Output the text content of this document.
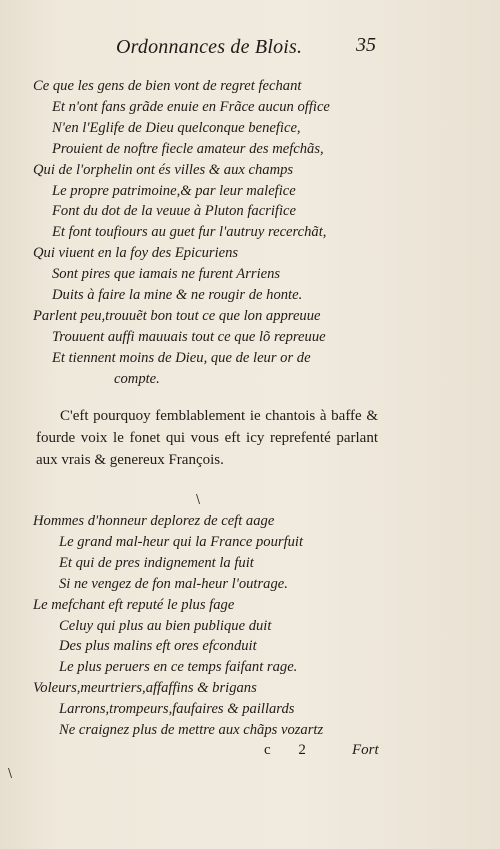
Ordonnances de Blois.	35
Ce que les gens de bien vont de regret fechant
Et n'ont fans grãde enuie en Frãce aucun office
N'en l'Eglife de Dieu quelconque benefice,
Prouient de noftre fiecle amateur des mefchãs,
Qui de l'orphelin ont és villes & aux champs
Le propre patrimoine,& par leur malefice
Font du dot de la veuue à Pluton facrifice
Et font toufiours au guet fur l'autruy recerchãt,
Qui viuent en la foy des Epicuriens
Sont pires que iamais ne furent Arriens
Duits à faire la mine & ne rougir de honte.
Parlent peu,trouuẽt bon tout ce que lon appreuue
Trouuent auffi mauuais tout ce que lõ repreuue
Et tiennent moins de Dieu, que de leur or de
compte.
C'eft pourquoy femblablement ie chantois à baffe & fourde voix le fonet qui vous eft icy reprefenté parlant aux vrais & genereux François.
\
Hommes d'honneur deplorez de ceft aage
Le grand mal-heur qui la France pourfuit
Et qui de pres indignement la fuit
Si ne vengez de fon mal-heur l'outrage.
Le mefchant eft reputé le plus fage
Celuy qui plus au bien publique duit
Des plus malins eft ores efconduit
Le plus peruers en ce temps faifant rage.
Voleurs,meurtriers,affaffins & brigans
Larrons,trompeurs,faufaires & paillards
Ne craignez plus de mettre aux chãps vozartz
c 2 Fort
\
